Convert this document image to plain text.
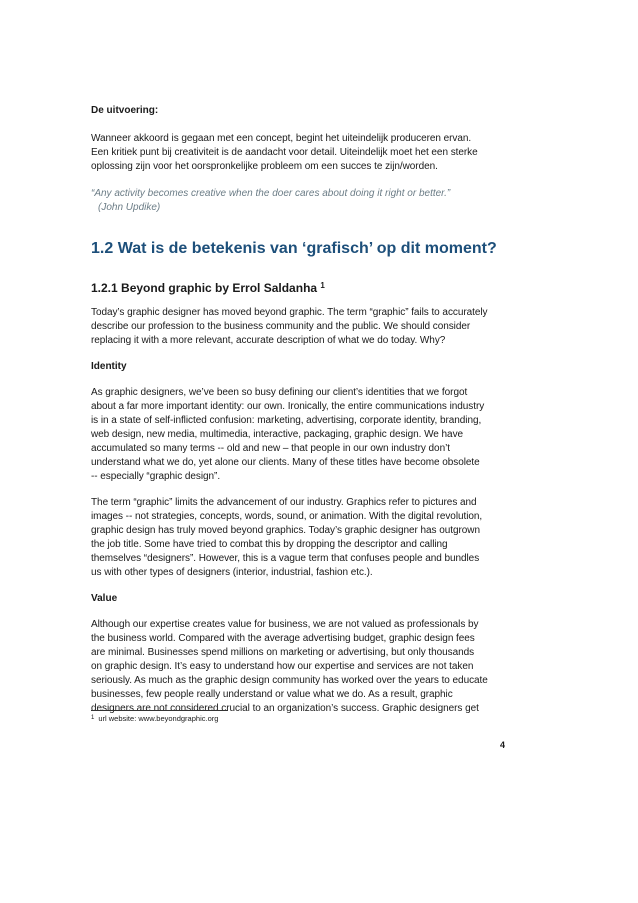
De uitvoering:

Wanneer akkoord is gegaan met een concept, begint het uiteindelijk produceren ervan.
Een kritiek punt bij creativiteit is de aandacht voor detail. Uiteindelijk moet het een sterke
oplossing zijn voor het oorspronkelijke probleem om een succes te zijn/worden.

“Any activity becomes creative when the doer cares about doing it right or better.”
(John Updike)

1.2 Wat is de betekenis van ‘grafisch’ op dit moment?
1.2.1 Beyond graphic by Errol Saldanha $^1$

Today’s graphic designer has moved beyond graphic. The term “graphic” fails to accurately
describe our profession to the business community and the public. We should consider
replacing it with a more relevant, accurate description of what we do today. Why?

Identity

As graphic designers, we’ve been so busy defining our client’s identities that we forgot
about a far more important identity: our own. Ironically, the entire communications industry
is in a state of self-inflicted confusion: marketing, advertising, corporate identity, branding,
web design, new media, multimedia, interactive, packaging, graphic design. We have
accumulated so many terms -- old and new – that people in our own industry don’t
understand what we do, yet alone our clients. Many of these titles have become obsolete
-- especially “graphic design”.

The term “graphic” limits the advancement of our industry. Graphics refer to pictures and
images -- not strategies, concepts, words, sound, or animation. With the digital revolution,
graphic design has truly moved beyond graphics. Today’s graphic designer has outgrown
the job title. Some have tried to combat this by dropping the descriptor and calling
themselves “designers”. However, this is a vague term that confuses people and bundles
us with other types of designers (interior, industrial, fashion etc.).

Value

Although our expertise creates value for business, we are not valued as professionals by
the business world. Compared with the average advertising budget, graphic design fees
are minimal. Businesses spend millions on marketing or advertising, but only thousands
on graphic design. It’s easy to understand how our expertise and services are not taken
seriously. As much as the graphic design community has worked over the years to educate
businesses, few people really understand or value what we do. As a result, graphic
designers are not considered crucial to an organization’s success. Graphic designers get

$^1$ url website: www.beyondgraphic.org
4
